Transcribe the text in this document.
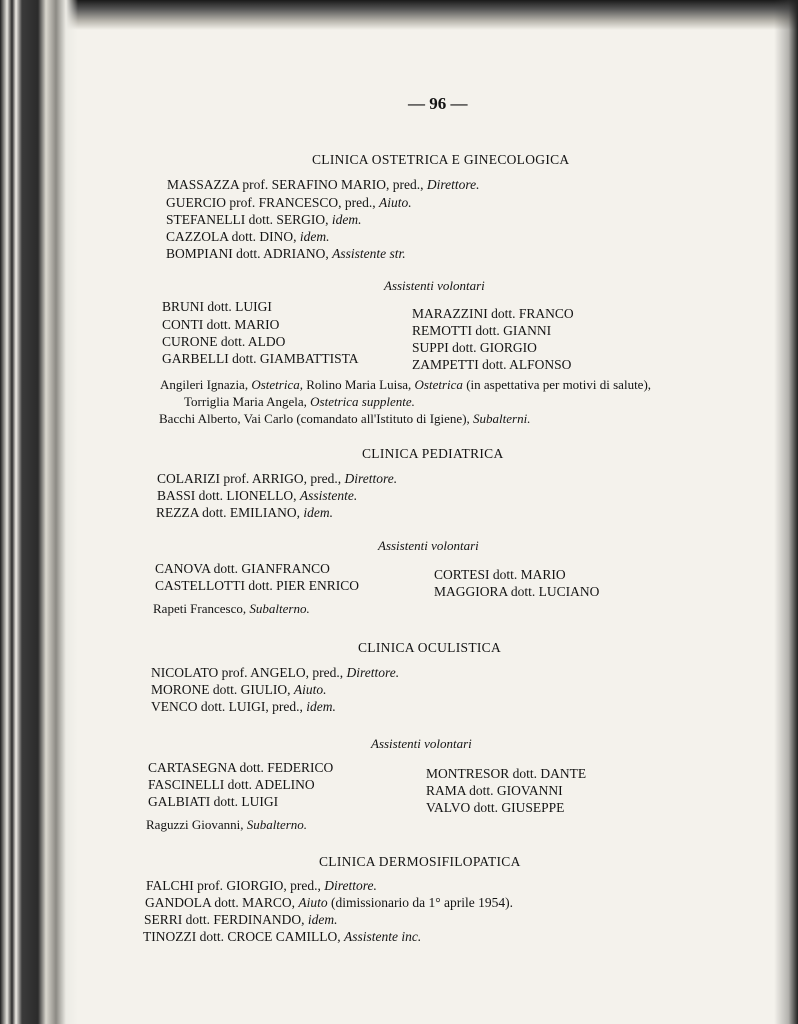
— 96 —
CLINICA OSTETRICA E GINECOLOGICA
MASSAZZA prof. SERAFINO MARIO, pred., Direttore.
GUERCIO prof. FRANCESCO, pred., Aiuto.
STEFANELLI dott. SERGIO, idem.
CAZZOLA dott. DINO, idem.
BOMPIANI dott. ADRIANO, Assistente str.
Assistenti volontari
BRUNI dott. LUIGI
CONTI dott. MARIO
CURONE dott. ALDO
GARBELLI dott. GIAMBATTISTA
MARAZZINI dott. FRANCO
REMOTTI dott. GIANNI
SUPPI dott. GIORGIO
ZAMPETTI dott. ALFONSO
Angileri Ignazia, Ostetrica, Rolino Maria Luisa, Ostetrica (in aspettativa per motivi di salute),
Torriglia Maria Angela, Ostetrica supplente.
Bacchi Alberto, Vai Carlo (comandato all'Istituto di Igiene), Subalterni.
CLINICA PEDIATRICA
COLARIZI prof. ARRIGO, pred., Direttore.
BASSI dott. LIONELLO, Assistente.
REZZA dott. EMILIANO, idem.
Assistenti volontari
CANOVA dott. GIANFRANCO
CASTELLOTTI dott. PIER ENRICO
CORTESI dott. MARIO
MAGGIORA dott. LUCIANO
Rapeti Francesco, Subalterno.
CLINICA OCULISTICA
NICOLATO prof. ANGELO, pred., Direttore.
MORONE dott. GIULIO, Aiuto.
VENCO dott. LUIGI, pred., idem.
Assistenti volontari
CARTASEGNA dott. FEDERICO
FASCINELLI dott. ADELINO
GALBIATI dott. LUIGI
MONTRESOR dott. DANTE
RAMA dott. GIOVANNI
VALVO dott. GIUSEPPE
Raguzzi Giovanni, Subalterno.
CLINICA DERMOSIFILOPATICA
FALCHI prof. GIORGIO, pred., Direttore.
GANDOLA dott. MARCO, Aiuto (dimissionario da 1° aprile 1954).
SERRI dott. FERDINANDO, idem.
TINOZZI dott. CROCE CAMILLO, Assistente inc.
